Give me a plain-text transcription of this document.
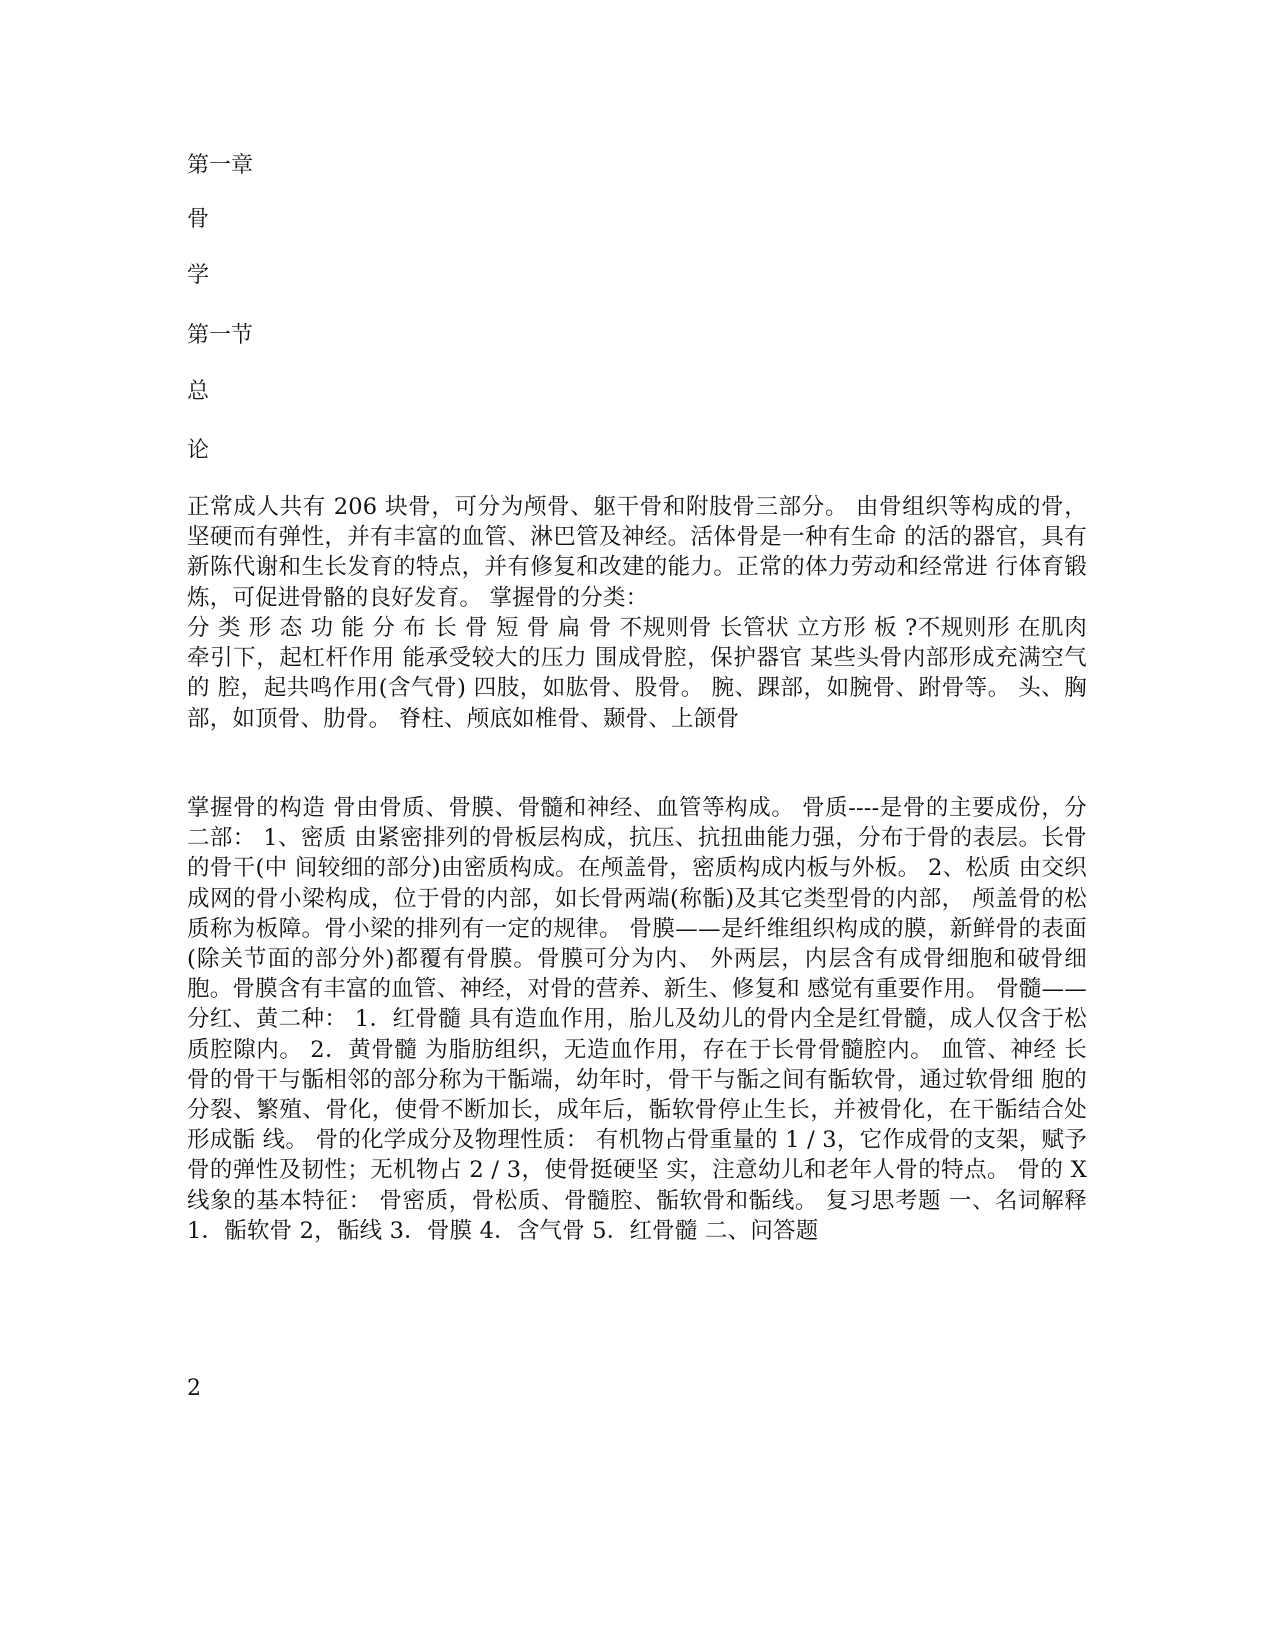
第一章
骨
学
第一节
总
论
正常成人共有 206 块骨，可分为颅骨、躯干骨和附肢骨三部分。 由骨组织等构成的骨，坚硬而有弹性，并有丰富的血管、淋巴管及神经。活体骨是一种有生命 的活的器官，具有新陈代谢和生长发育的特点，并有修复和改建的能力。正常的体力劳动和经常进 行体育锻炼，可促进骨骼的良好发育。 掌握骨的分类：
分 类 形 态 功 能 分 布 长 骨 短 骨 扁 骨 不规则骨 长管状 立方形 板 ?不规则形 在肌肉牵引下，起杠杆作用 能承受较大的压力 围成骨腔，保护器官 某些头骨内部形成充满空气的 腔，起共鸣作用(含气骨) 四肢，如肱骨、股骨。 腕、踝部，如腕骨、跗骨等。 头、胸部，如顶骨、肋骨。 脊柱、颅底如椎骨、颞骨、上颌骨
掌握骨的构造 骨由骨质、骨膜、骨髓和神经、血管等构成。 骨质----是骨的主要成份，分二部： 1、密质 由紧密排列的骨板层构成，抗压、抗扭曲能力强，分布于骨的表层。长骨的骨干(中 间较细的部分)由密质构成。在颅盖骨，密质构成内板与外板。 2、松质 由交织成网的骨小梁构成，位于骨的内部，如长骨两端(称骺)及其它类型骨的内部， 颅盖骨的松质称为板障。骨小梁的排列有一定的规律。 骨膜——是纤维组织构成的膜，新鲜骨的表面(除关节面的部分外)都覆有骨膜。骨膜可分为内、 外两层，内层含有成骨细胞和破骨细胞。骨膜含有丰富的血管、神经，对骨的营养、新生、修复和 感觉有重要作用。 骨髓——分红、黄二种： 1．红骨髓 具有造血作用，胎儿及幼儿的骨内全是红骨髓，成人仅含于松质腔隙内。 2．黄骨髓 为脂肪组织，无造血作用，存在于长骨骨髓腔内。 血管、神经 长骨的骨干与骺相邻的部分称为干骺端，幼年时，骨干与骺之间有骺软骨，通过软骨细 胞的 分裂、繁殖、骨化，使骨不断加长，成年后，骺软骨停止生长，并被骨化，在干骺结合处形成骺 线。 骨的化学成分及物理性质： 有机物占骨重量的 1 / 3，它作成骨的支架，赋予骨的弹性及韧性；无机物占 2 / 3，使骨挺硬坚 实，注意幼儿和老年人骨的特点。 骨的 X 线象的基本特征： 骨密质，骨松质、骨髓腔、骺软骨和骺线。 复习思考题 一、名词解释 1．骺软骨 2，骺线 3．骨膜 4．含气骨 5．红骨髓 二、问答题
2
